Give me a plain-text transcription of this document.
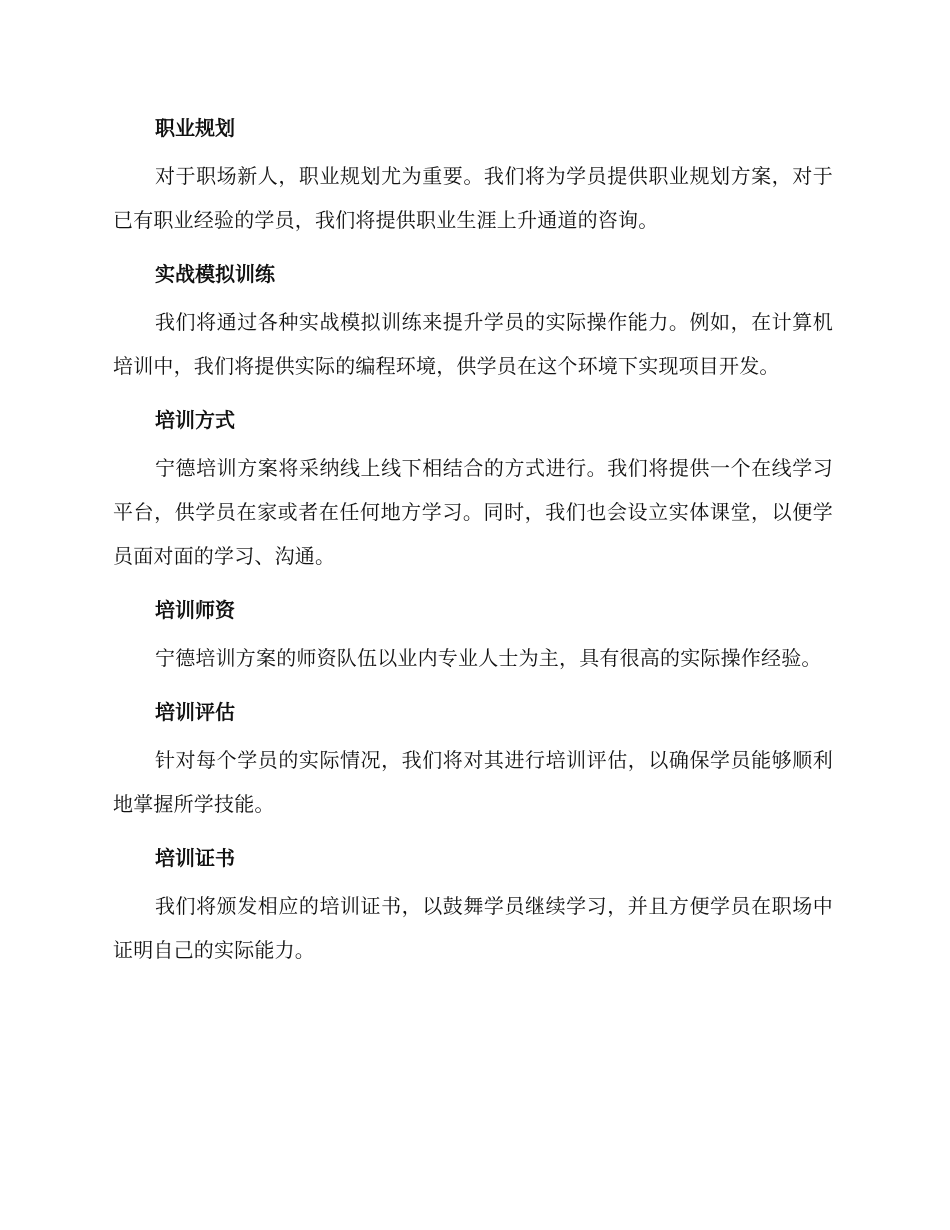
职业规划

对于职场新人，职业规划尤为重要。我们将为学员提供职业规划方案，对于已有职业经验的学员，我们将提供职业生涯上升通道的咨询。

实战模拟训练

我们将通过各种实战模拟训练来提升学员的实际操作能力。例如，在计算机培训中，我们将提供实际的编程环境，供学员在这个环境下实现项目开发。

培训方式

宁德培训方案将采纳线上线下相结合的方式进行。我们将提供一个在线学习平台，供学员在家或者在任何地方学习。同时，我们也会设立实体课堂，以便学员面对面的学习、沟通。

培训师资

宁德培训方案的师资队伍以业内专业人士为主，具有很高的实际操作经验。

培训评估

针对每个学员的实际情况，我们将对其进行培训评估，以确保学员能够顺利地掌握所学技能。

培训证书

我们将颁发相应的培训证书，以鼓舞学员继续学习，并且方便学员在职场中证明自己的实际能力。
